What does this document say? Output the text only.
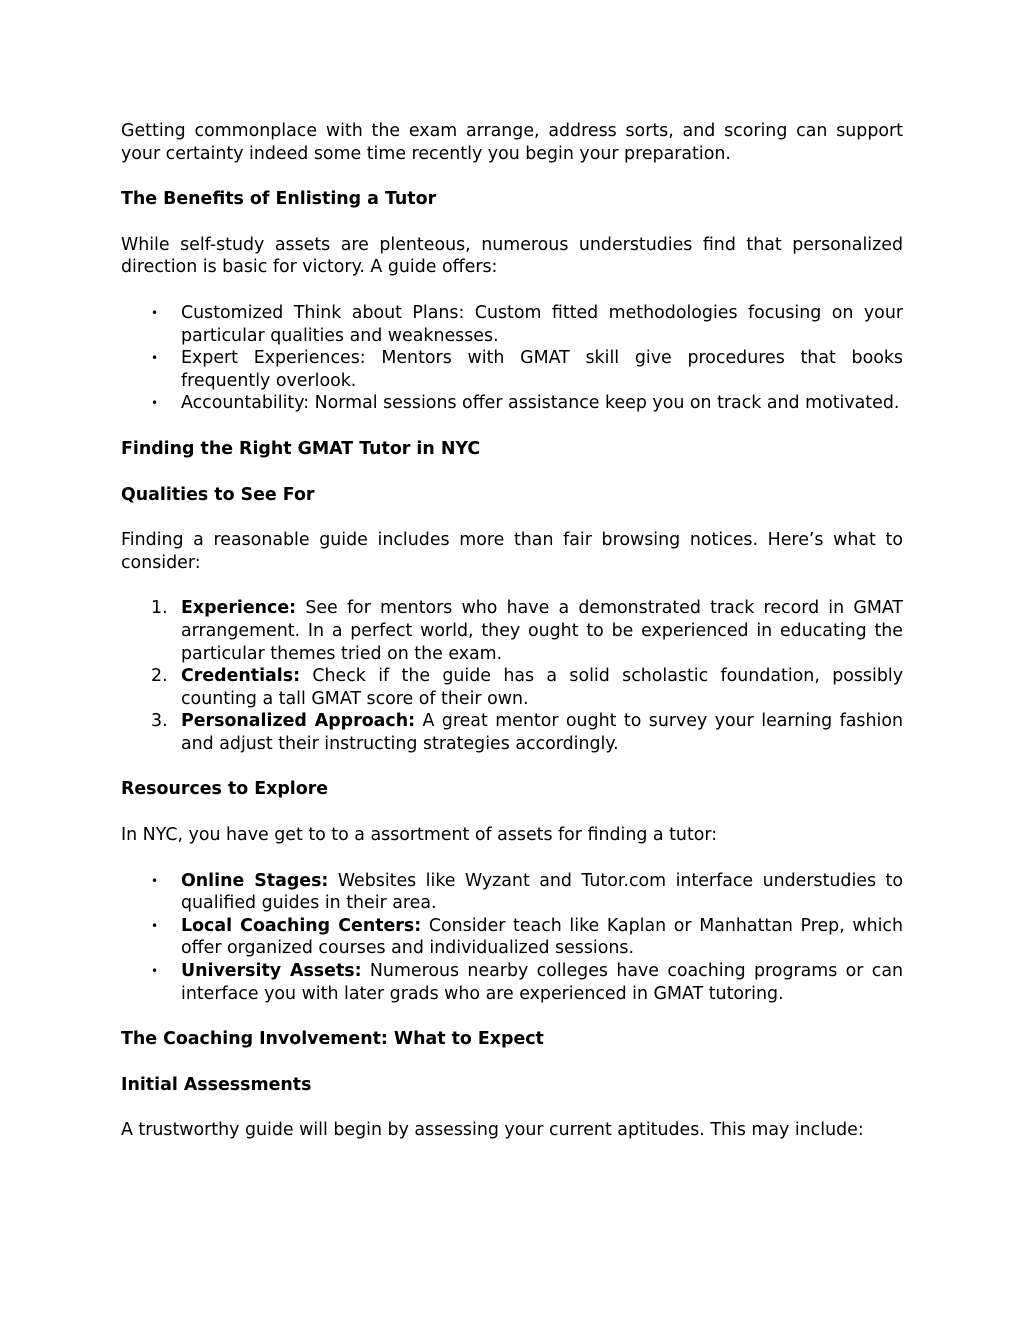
Getting commonplace with the exam arrange, address sorts, and scoring can support your certainty indeed some time recently you begin your preparation.

The Benefits of Enlisting a Tutor

While self-study assets are plenteous, numerous understudies find that personalized direction is basic for victory. A guide offers:

•	Customized Think about Plans: Custom fitted methodologies focusing on your particular qualities and weaknesses.
•	Expert Experiences: Mentors with GMAT skill give procedures that books frequently overlook.
•	Accountability: Normal sessions offer assistance keep you on track and motivated.

Finding the Right GMAT Tutor in NYC

Qualities to See For

Finding a reasonable guide includes more than fair browsing notices. Here’s what to consider:

1. Experience: See for mentors who have a demonstrated track record in GMAT arrangement. In a perfect world, they ought to be experienced in educating the particular themes tried on the exam.
2. Credentials: Check if the guide has a solid scholastic foundation, possibly counting a tall GMAT score of their own.
3. Personalized Approach: A great mentor ought to survey your learning fashion and adjust their instructing strategies accordingly.

Resources to Explore

In NYC, you have get to to a assortment of assets for finding a tutor:

•	Online Stages: Websites like Wyzant and Tutor.com interface understudies to qualified guides in their area.
•	Local Coaching Centers: Consider teach like Kaplan or Manhattan Prep, which offer organized courses and individualized sessions.
•	University Assets: Numerous nearby colleges have coaching programs or can interface you with later grads who are experienced in GMAT tutoring.

The Coaching Involvement: What to Expect

Initial Assessments

A trustworthy guide will begin by assessing your current aptitudes. This may include:
